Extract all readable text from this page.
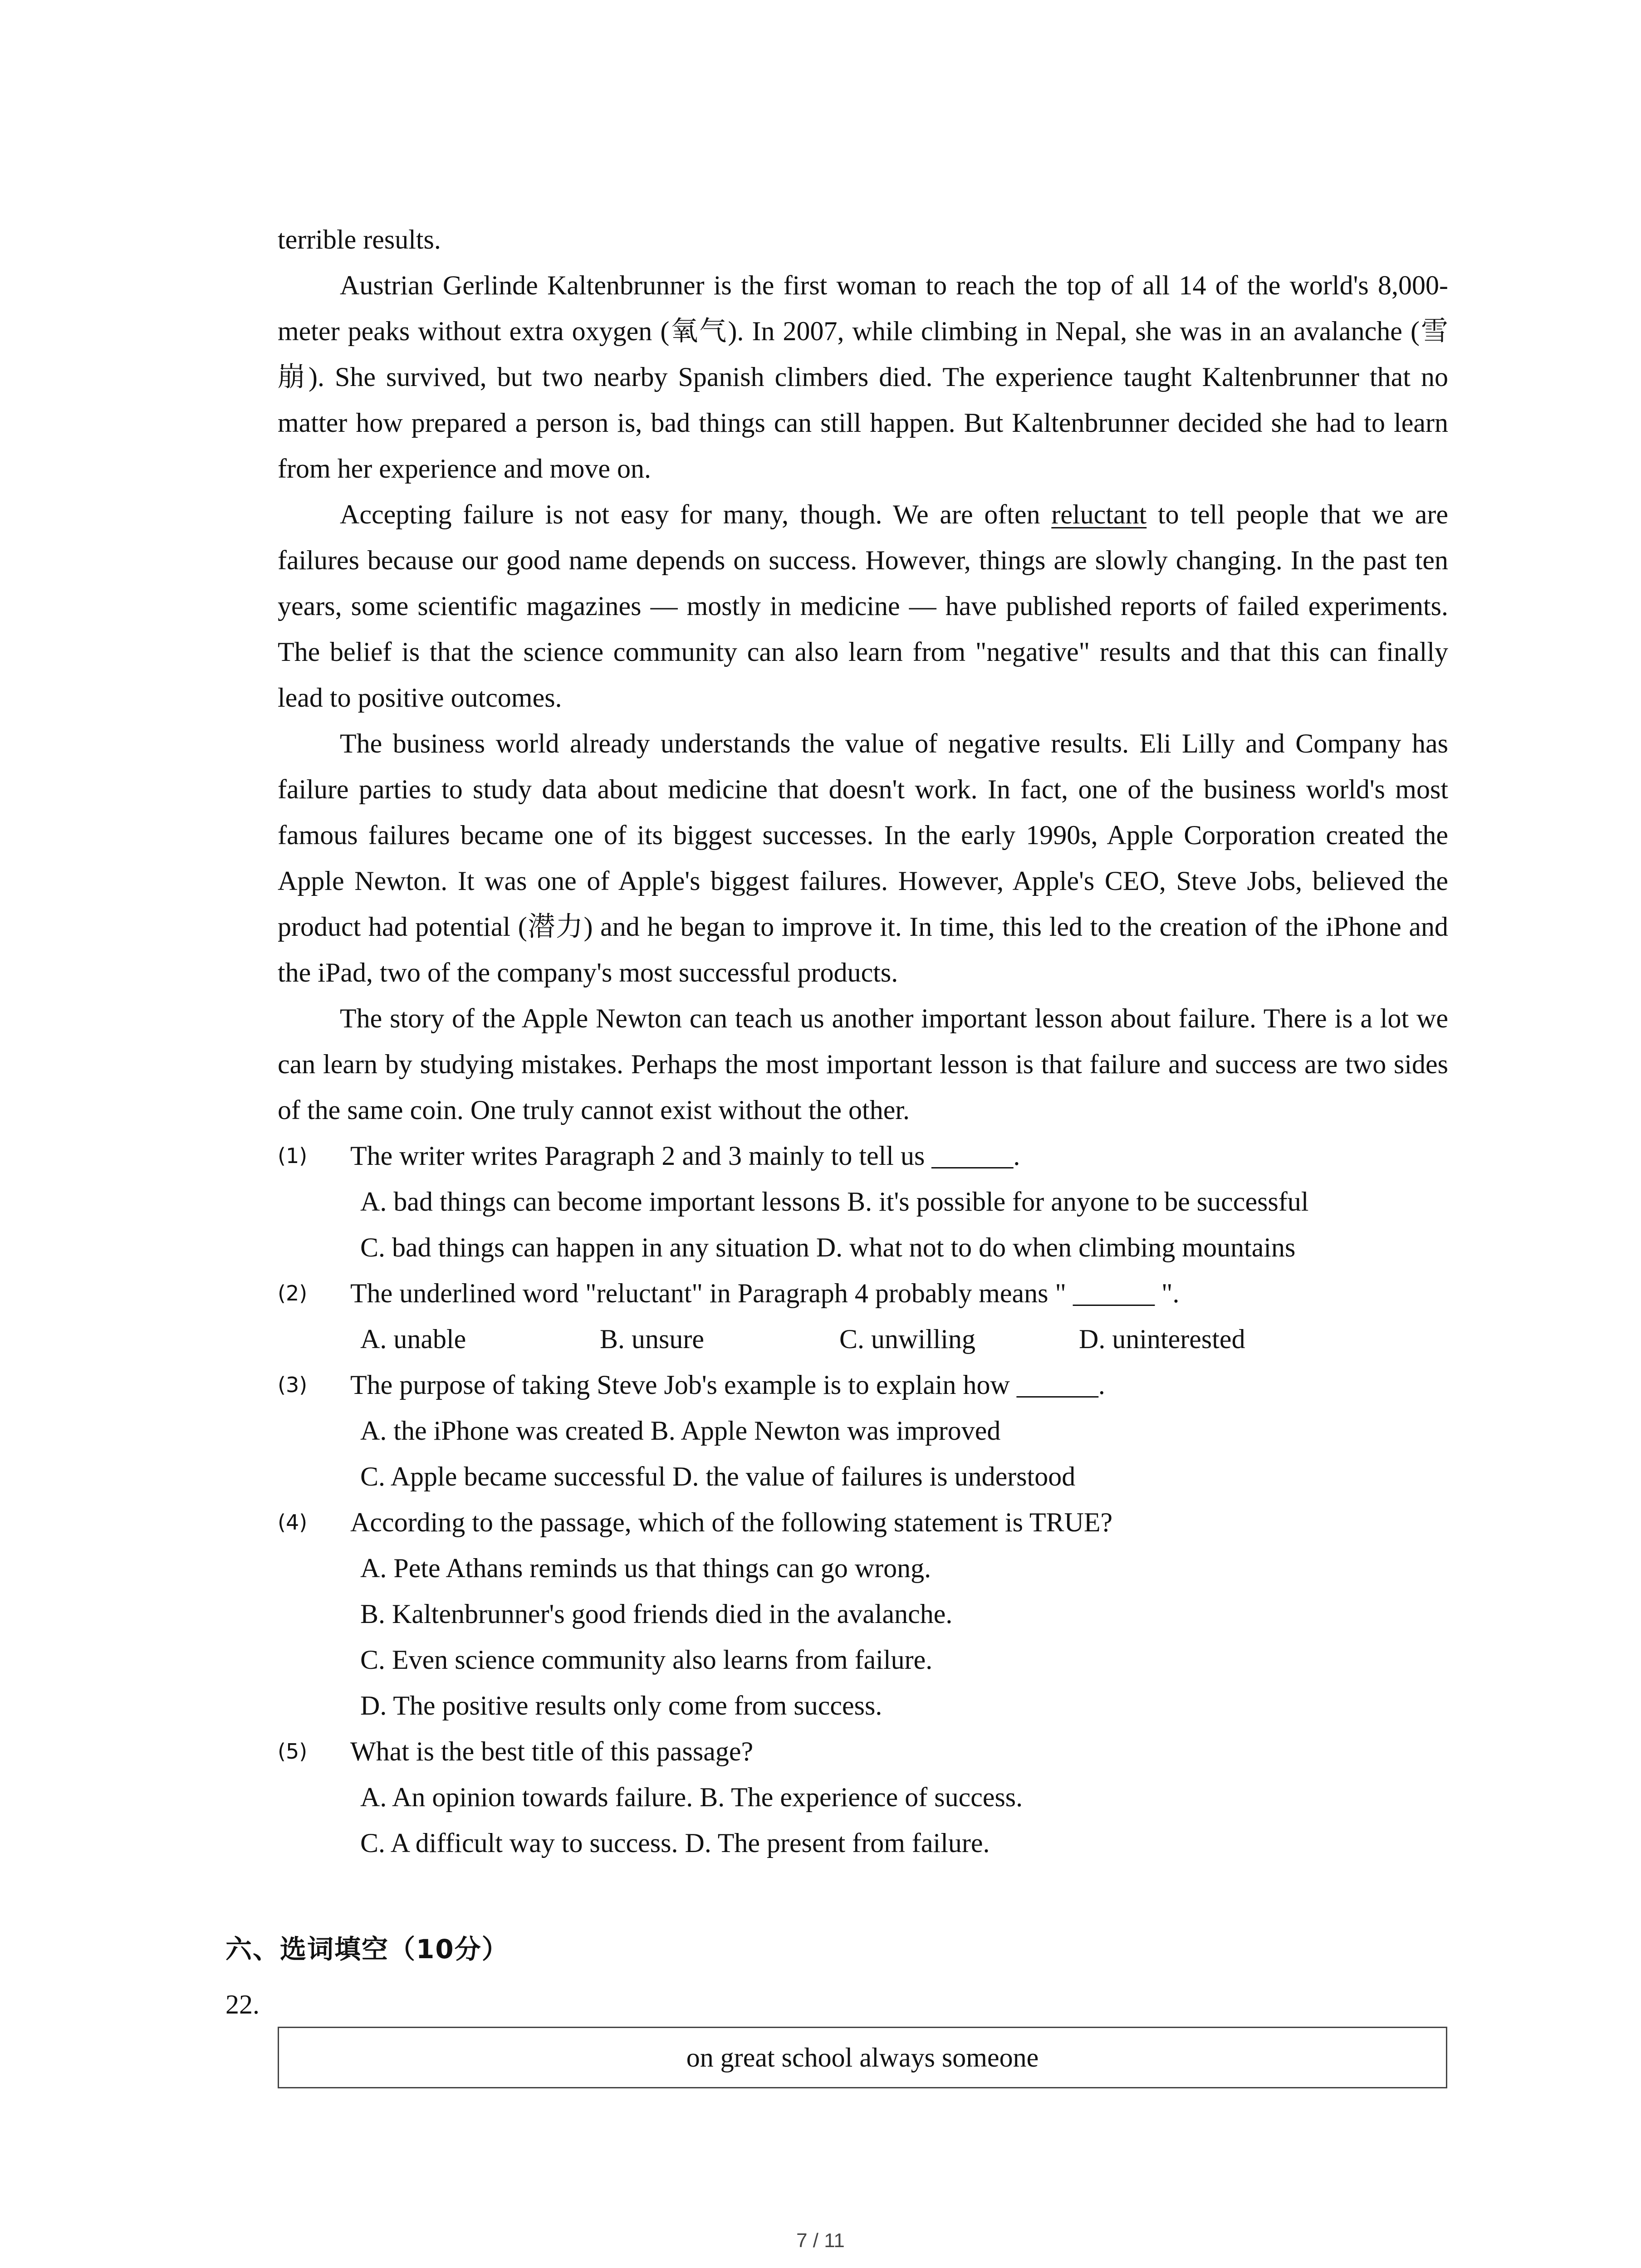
terrible results.

Austrian Gerlinde Kaltenbrunner is the first woman to reach the top of all 14 of the world's 8,000-meter peaks without extra oxygen (氧气). In 2007, while climbing in Nepal, she was in an avalanche (雪崩). She survived, but two nearby Spanish climbers died. The experience taught Kaltenbrunner that no matter how prepared a person is, bad things can still happen. But Kaltenbrunner decided she had to learn from her experience and move on.

Accepting failure is not easy for many, though. We are often reluctant to tell people that we are failures because our good name depends on success. However, things are slowly changing. In the past ten years, some scientific magazines — mostly in medicine — have published reports of failed experiments. The belief is that the science community can also learn from "negative" results and that this can finally lead to positive outcomes.

The business world already understands the value of negative results. Eli Lilly and Company has failure parties to study data about medicine that doesn't work. In fact, one of the business world's most famous failures became one of its biggest successes. In the early 1990s, Apple Corporation created the Apple Newton. It was one of Apple's biggest failures. However, Apple's CEO, Steve Jobs, believed the product had potential (潜力) and he began to improve it. In time, this led to the creation of the iPhone and the iPad, two of the company's most successful products.

The story of the Apple Newton can teach us another important lesson about failure. There is a lot we can learn by studying mistakes. Perhaps the most important lesson is that failure and success are two sides of the same coin. One truly cannot exist without the other.

(1) The writer writes Paragraph 2 and 3 mainly to tell us ______.
A. bad things can become important lessons B. it's possible for anyone to be successful
C. bad things can happen in any situation D. what not to do when climbing mountains
(2) The underlined word "reluctant" in Paragraph 4 probably means " ______ ".
A. unable	B. unsure	C. unwilling	D. uninterested
(3) The purpose of taking Steve Job's example is to explain how ______.
A. the iPhone was created B. Apple Newton was improved
C. Apple became successful D. the value of failures is understood
(4) According to the passage, which of the following statement is TRUE?
A. Pete Athans reminds us that things can go wrong.
B. Kaltenbrunner's good friends died in the avalanche.
C. Even science community also learns from failure.
D. The positive results only come from success.
(5) What is the best title of this passage?
A. An opinion towards failure. B. The experience of success.
C. A difficult way to success. D. The present from failure.
六、选词填空（10分）
22.
on great school always someone
7 / 11
